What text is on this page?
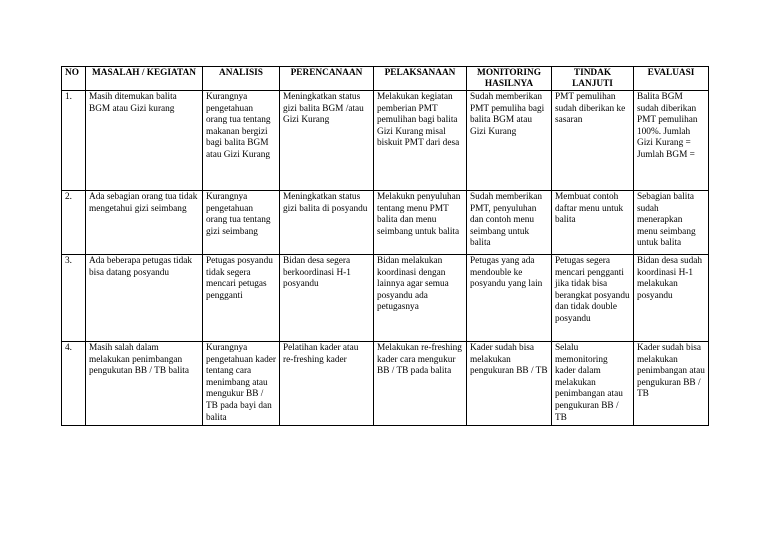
NO	MASALAH / KEGIATAN	ANALISIS	PERENCANAAN	PELAKSANAAN	MONITORING HASILNYA	TINDAK LANJUTI	EVALUASI
1.	Masih ditemukan balita BGM atau Gizi kurang	Kurangnya pengetahuan orang tua tentang makanan bergizi bagi balita BGM atau Gizi Kurang	Meningkatkan status gizi balita BGM /atau Gizi Kurang	Melakukan kegiatan pemberian PMT pemulihan bagi balita Gizi Kurang misal biskuit PMT dari desa	Sudah memberikan PMT pemuliha bagi balita BGM atau Gizi Kurang	PMT pemulihan sudah diberikan ke sasaran	Balita BGM sudah diberikan PMT pemulihan 100%. Jumlah Gizi Kurang = Jumlah BGM =
2.	Ada sebagian orang tua tidak mengetahui gizi seimbang	Kurangnya pengetahuan orang tua tentang gizi seimbang	Meningkatkan status gizi balita di posyandu	Melakukn penyuluhan tentang menu PMT balita dan menu seimbang untuk balita	Sudah memberikan PMT, penyuluhan dan contoh menu seimbang untuk balita	Membuat contoh daftar menu untuk balita	Sebagian balita sudah menerapkan menu seimbang untuk balita
3.	Ada beberapa petugas tidak bisa datang posyandu	Petugas posyandu tidak segera mencari petugas pengganti	Bidan desa segera berkoordinasi H-1 posyandu	Bidan melakukan koordinasi dengan lainnya agar semua posyandu ada petugasnya	Petugas yang ada mendouble ke posyandu yang lain	Petugas segera mencari pengganti jika tidak bisa berangkat posyandu dan tidak double posyandu	Bidan desa sudah koordinasi H-1 melakukan posyandu
4.	Masih salah dalam melakukan penimbangan pengukutan BB / TB balita	Kurangnya pengetahuan kader tentang cara menimbang atau mengukur BB / TB pada bayi dan balita	Pelatihan kader atau re-freshing kader	Melakukan re-freshing kader cara mengukur BB / TB pada balita	Kader sudah bisa melakukan pengukuran BB / TB	Selalu memonitoring kader dalam melakukan penimbangan atau pengukuran BB / TB	Kader sudah bisa melakukan penimbangan atau pengukuran BB / TB
